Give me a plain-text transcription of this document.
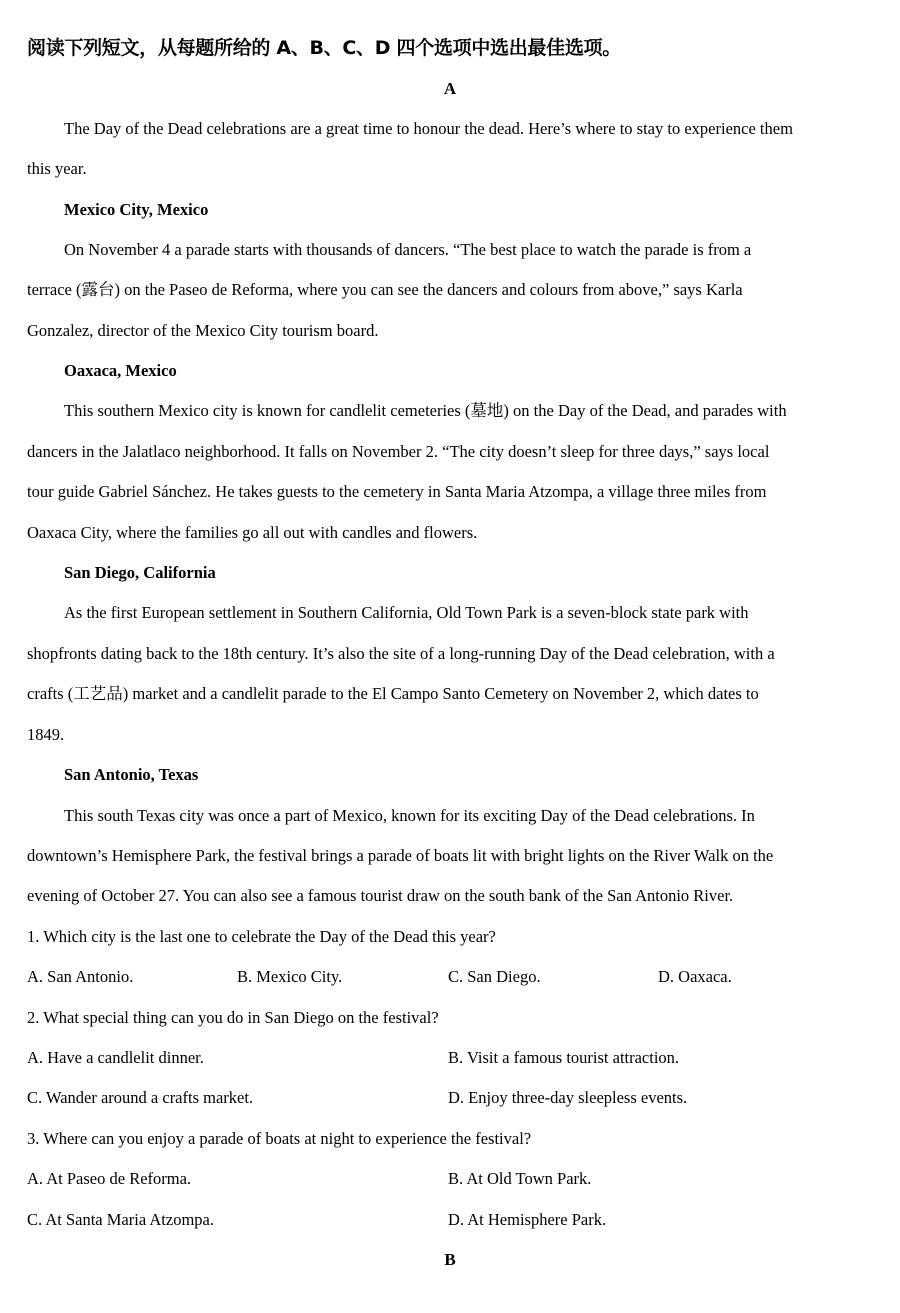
阅读下列短文，从每题所给的 A、B、C、D 四个选项中选出最佳选项。
A
The Day of the Dead celebrations are a great time to honour the dead. Here’s where to stay to experience them
this year.
Mexico City, Mexico
On November 4 a parade starts with thousands of dancers. “The best place to watch the parade is from a
terrace (露台) on the Paseo de Reforma, where you can see the dancers and colours from above,” says Karla
Gonzalez, director of the Mexico City tourism board.
Oaxaca, Mexico
This southern Mexico city is known for candlelit cemeteries (墓地) on the Day of the Dead, and parades with
dancers in the Jalatlaco neighborhood. It falls on November 2. “The city doesn’t sleep for three days,” says local
tour guide Gabriel Sánchez. He takes guests to the cemetery in Santa Maria Atzompa, a village three miles from
Oaxaca City, where the families go all out with candles and flowers.
San Diego, California
As the first European settlement in Southern California, Old Town Park is a seven-block state park with
shopfronts dating back to the 18th century. It’s also the site of a long-running Day of the Dead celebration, with a
crafts (工艺品) market and a candlelit parade to the El Campo Santo Cemetery on November 2, which dates to
1849.
San Antonio, Texas
This south Texas city was once a part of Mexico, known for its exciting Day of the Dead celebrations. In
downtown’s Hemisphere Park, the festival brings a parade of boats lit with bright lights on the River Walk on the
evening of October 27. You can also see a famous tourist draw on the south bank of the San Antonio River.
1. Which city is the last one to celebrate the Day of the Dead this year?
A. San Antonio.	B. Mexico City.	C. San Diego.	D. Oaxaca.
2. What special thing can you do in San Diego on the festival?
A. Have a candlelit dinner.	B. Visit a famous tourist attraction.
C. Wander around a crafts market.	D. Enjoy three-day sleepless events.
3. Where can you enjoy a parade of boats at night to experience the festival?
A. At Paseo de Reforma.	B. At Old Town Park.
C. At Santa Maria Atzompa.	D. At Hemisphere Park.
B
